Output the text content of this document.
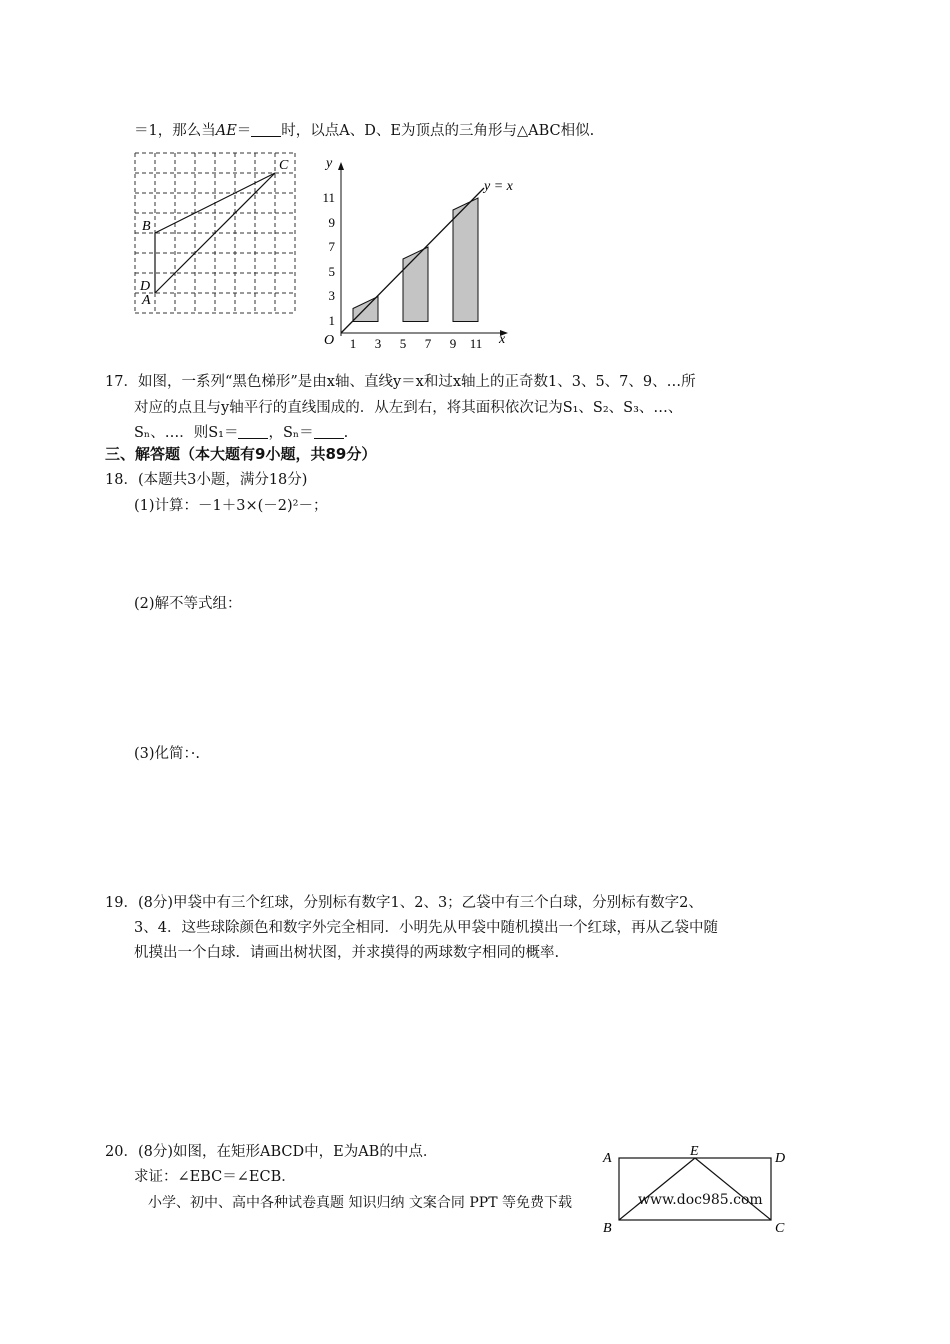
＝1，那么当AE＝ 时，以点A、D、E为顶点的三角形与△ABC相似.
C
B
D
A
y
x
O
y = x
11
9
7
5
3
1
1 3 5 7 9 11
17．如图，一系列“黑色梯形”是由x轴、直线y＝x和过x轴上的正奇数1、3、5、7、9、…所
对应的点且与y轴平行的直线围成的．从左到右，将其面积依次记为S₁、S₂、S₃、…、
Sₙ、…．则S₁＝ ，Sₙ＝ .
三、解答题（本大题有9小题，共89分）
18．(本题共3小题，满分18分)
(1)计算：－1＋3×(－2)²－；
(2)解不等式组：
(3)化简：·.
19．(8分)甲袋中有三个红球，分别标有数字1、2、3；乙袋中有三个白球，分别标有数字2、
3、4．这些球除颜色和数字外完全相同．小明先从甲袋中随机摸出一个红球，再从乙袋中随
机摸出一个白球．请画出树状图，并求摸得的两球数字相同的概率.
20．(8分)如图，在矩形ABCD中，E为AB的中点．
求证：∠EBC＝∠ECB．
A	E	D
B	C
小学、初中、高中各种试卷真题 知识归纳 文案合同 PPT 等免费下载	www.doc985.com
